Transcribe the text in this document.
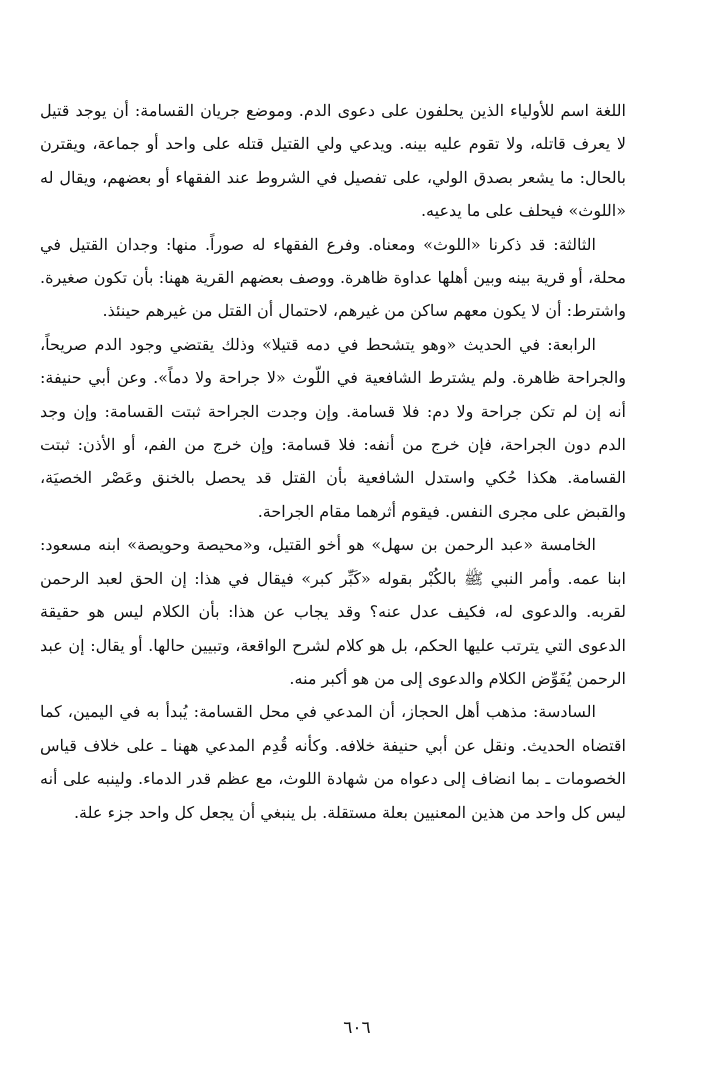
اللغة اسم للأولياء الذين يحلفون على دعوى الدم. وموضع جريان القسامة: أن يوجد قتيل لا يعرف قاتله، ولا تقوم عليه بينه. ويدعي ولي القتيل قتله على واحد أو جماعة، ويقترن بالحال: ما يشعر بصدق الولي، على تفصيل في الشروط عند الفقهاء أو بعضهم، ويقال له «اللوث» فيحلف على ما يدعيه.

الثالثة: قد ذكرنا «اللوث» ومعناه. وفرع الفقهاء له صوراً. منها: وجدان القتيل في محلة، أو قرية بينه وبين أهلها عداوة ظاهرة. ووصف بعضهم القرية ههنا: بأن تكون صغيرة. واشترط: أن لا يكون معهم ساكن من غيرهم، لاحتمال أن القتل من غيرهم حينئذ.

الرابعة: في الحديث «وهو يتشحط في دمه قتيلا» وذلك يقتضي وجود الدم صريحاً، والجراحة ظاهرة. ولم يشترط الشافعية في اللّوث «لا جراحة ولا دماً». وعن أبي حنيفة: أنه إن لم تكن جراحة ولا دم: فلا قسامة. وإن وجدت الجراحة ثبتت القسامة: وإن وجد الدم دون الجراحة، فإن خرج من أنفه: فلا قسامة: وإن خرج من الفم، أو الأذن: ثبتت القسامة. هكذا حُكي واستدل الشافعية بأن القتل قد يحصل بالخنق وعَصْر الخصيَة، والقبض على مجرى النفس. فيقوم أثرهما مقام الجراحة.

الخامسة «عبد الرحمن بن سهل» هو أخو القتيل، و«محيصة وحويصة» ابنه مسعود: ابنا عمه. وأمر النبي ﷺ بالكُبْر بقوله «كَبِّر كبر» فيقال في هذا: إن الحق لعبد الرحمن لقربه. والدعوى له، فكيف عدل عنه؟ وقد يجاب عن هذا: بأن الكلام ليس هو حقيقة الدعوى التي يترتب عليها الحكم، بل هو كلام لشرح الواقعة، وتبيين حالها. أو يقال: إن عبد الرحمن يُفَوِّض الكلام والدعوى إلى من هو أكبر منه.

السادسة: مذهب أهل الحجاز، أن المدعي في محل القسامة: يُبدأ به في اليمين، كما اقتضاه الحديث. ونقل عن أبي حنيفة خلافه. وكأنه قُدِم المدعي ههنا ـ على خلاف قياس الخصومات ـ بما انضاف إلى دعواه من شهادة اللوث، مع عظم قدر الدماء. ولينبه على أنه ليس كل واحد من هذين المعنيين بعلة مستقلة. بل ينبغي أن يجعل كل واحد جزء علة.

٦٠٦
